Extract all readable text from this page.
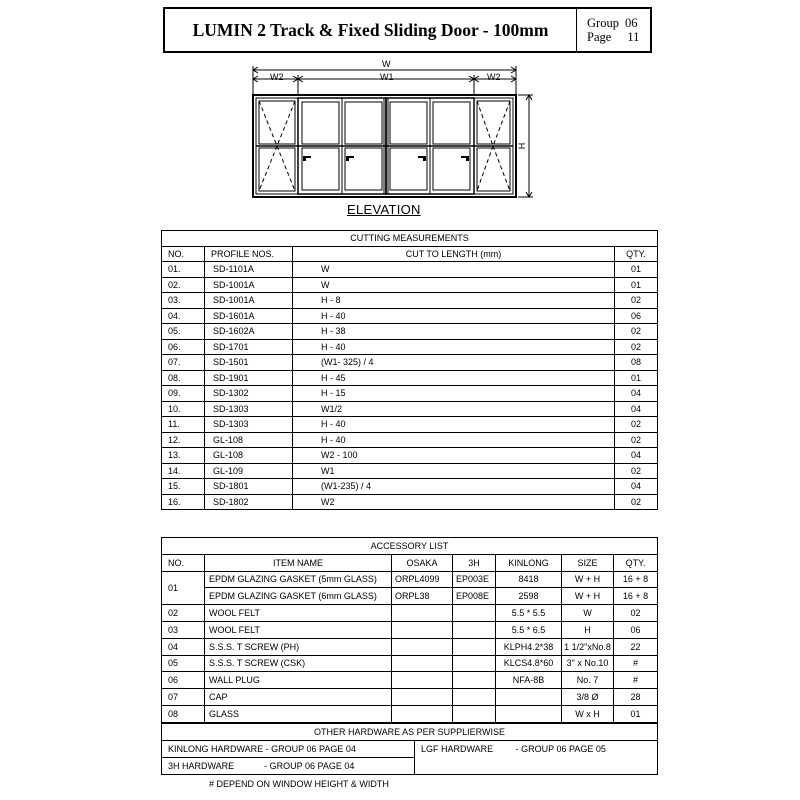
LUMIN 2 Track & Fixed Sliding Door - 100mm	Group 06
Page 11
W
W2	W1	W2
H
ELEVATION
CUTTING MEASUREMENTS			
NO.	PROFILE NOS.	CUT TO LENGTH (mm)	QTY.
01.	SD-1101A	W	01
02.	SD-1001A	W	01
03.	SD-1001A	H - 8	02
04.	SD-1601A	H - 40	06
05.	SD-1602A	H - 38	02
06.	SD-1701	H - 40	02
07.	SD-1501	(W1- 325) / 4	08
08.	SD-1901	H - 45	01
09.	SD-1302	H - 15	04
10.	SD-1303	W1/2	04
11.	SD-1303	H - 40	02
12.	GL-108	H - 40	02
13.	GL-108	W2 - 100	04
14.	GL-109	W1	02
15.	SD-1801	(W1-235) / 4	04
16.	SD-1802	W2	02
ACCESSORY LIST						
NO.	ITEM NAME	OSAKA	3H	KINLONG	SIZE	QTY.
01	EPDM GLAZING GASKET (5mm GLASS)	ORPL4099	EP003E	8418	W + H	16 + 8
	EPDM GLAZING GASKET (6mm GLASS)	ORPL38	EP008E	2598	W + H	16 + 8
02	WOOL FELT			5.5 * 5.5	W	02
03	WOOL FELT			5.5 * 6.5	H	06
04	S.S.S. T SCREW (PH)			KLPH4.2*38	1 1/2"xNo.8	22
05	S.S.S. T SCREW (CSK)			KLCS4.8*60	3" x No.10	#
06	WALL PLUG			NFA-8B	No. 7	#
07	CAP				3/8 Ø	28
08	GLASS				W x H	01
OTHER HARDWARE AS PER SUPPLIERWISE	
KINLONG HARDWARE - GROUP 06 PAGE 04	LGF HARDWARE         - GROUP 06 PAGE 05
3H HARDWARE            - GROUP 06 PAGE 04	
# DEPEND ON WINDOW HEIGHT & WIDTH
